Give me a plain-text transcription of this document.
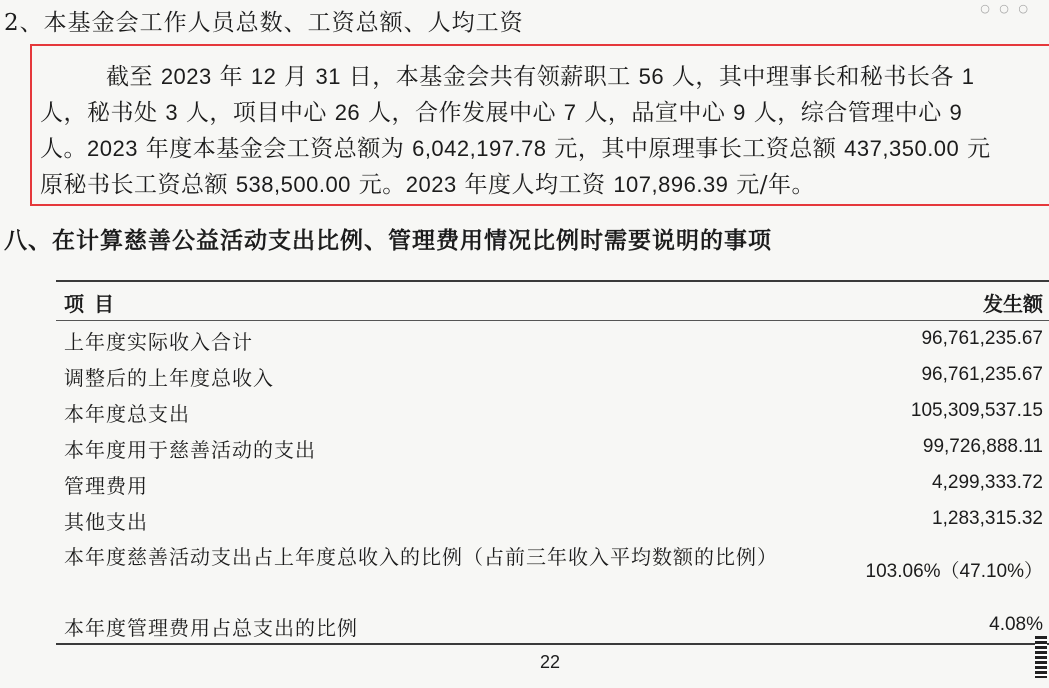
2、本基金会工作人员总数、工资总额、人均工资
○ ○ ○
截至 2023 年 12 月 31 日，本基金会共有领薪职工 56 人，其中理事长和秘书长各 1
人，秘书处 3 人，项目中心 26 人，合作发展中心 7 人，品宣中心 9 人，综合管理中心 9
人。2023 年度本基金会工资总额为 6,042,197.78 元，其中原理事长工资总额 437,350.00 元
原秘书长工资总额 538,500.00 元。2023 年度人均工资 107,896.39 元/年。
八、在计算慈善公益活动支出比例、管理费用情况比例时需要说明的事项
项目	发生额
上年度实际收入合计	96,761,235.67
调整后的上年度总收入	96,761,235.67
本年度总支出	105,309,537.15
本年度用于慈善活动的支出	99,726,888.11
管理费用	4,299,333.72
其他支出	1,283,315.32
本年度慈善活动支出占上年度总收入的比例（占前三年收入平均数额的比例）
103.06%（47.10%）
本年度管理费用占总支出的比例	4.08%
22
